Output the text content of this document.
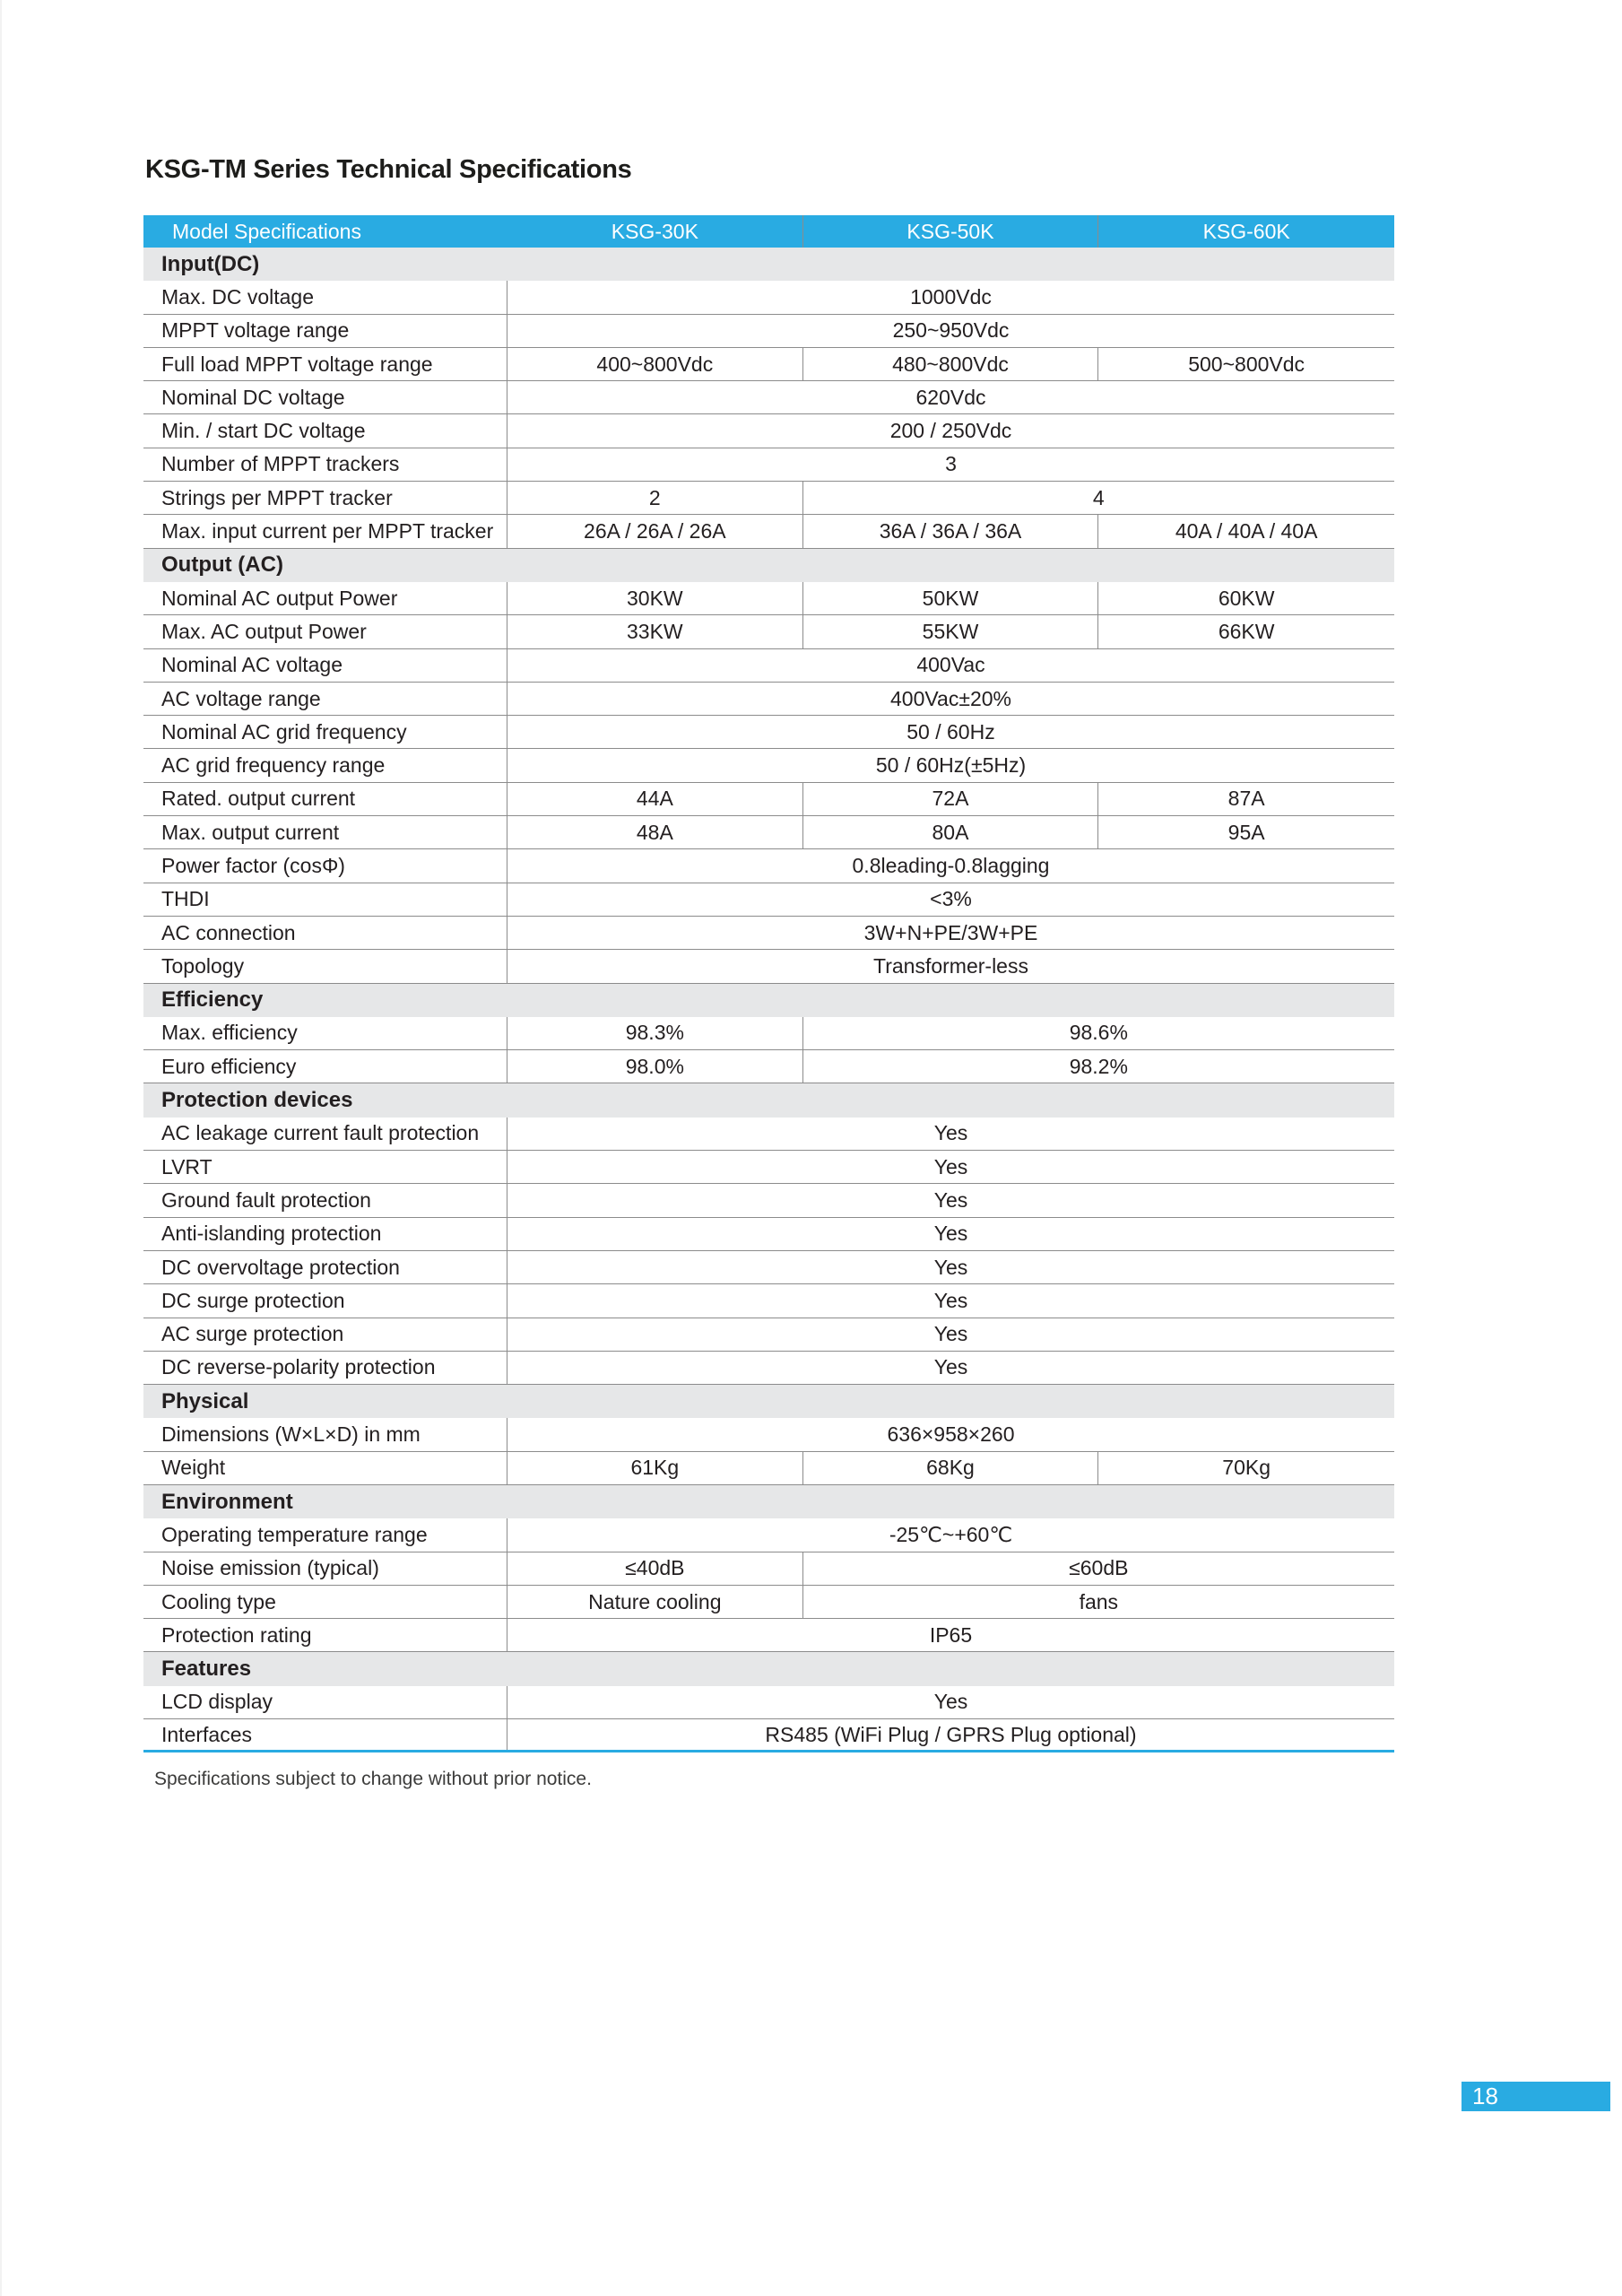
KSG-TM Series Technical Specifications
Model Specifications	KSG-30K	KSG-50K	KSG-60K
Input(DC)
Max. DC voltage	1000Vdc
MPPT voltage range	250~950Vdc
Full load MPPT voltage range	400~800Vdc	480~800Vdc	500~800Vdc
Nominal DC voltage	620Vdc
Min. / start DC voltage	200 / 250Vdc
Number of MPPT trackers	3
Strings per MPPT tracker	2	4
Max. input current per MPPT tracker	26A / 26A / 26A	36A / 36A / 36A	40A / 40A / 40A
Output (AC)
Nominal AC output Power	30KW	50KW	60KW
Max. AC output Power	33KW	55KW	66KW
Nominal AC voltage	400Vac
AC voltage range	400Vac±20%
Nominal AC grid frequency	50 / 60Hz
AC grid frequency range	50 / 60Hz(±5Hz)
Rated. output current	44A	72A	87A
Max. output current	48A	80A	95A
Power factor (cosΦ)	0.8leading-0.8lagging
THDI	<3%
AC connection	3W+N+PE/3W+PE
Topology	Transformer-less
Efficiency
Max. efficiency	98.3%	98.6%
Euro efficiency	98.0%	98.2%
Protection devices
AC leakage current fault protection	Yes
LVRT	Yes
Ground fault protection	Yes
Anti-islanding protection	Yes
DC overvoltage protection	Yes
DC surge protection	Yes
AC surge protection	Yes
DC reverse-polarity protection	Yes
Physical
Dimensions (W×L×D) in mm	636×958×260
Weight	61Kg	68Kg	70Kg
Environment
Operating temperature range	-25℃~+60℃
Noise emission (typical)	≤40dB	≤60dB
Cooling type	Nature cooling	fans
Protection rating	IP65
Features
LCD display	Yes
Interfaces	RS485 (WiFi Plug / GPRS Plug optional)
Specifications subject to change without prior notice.
18
